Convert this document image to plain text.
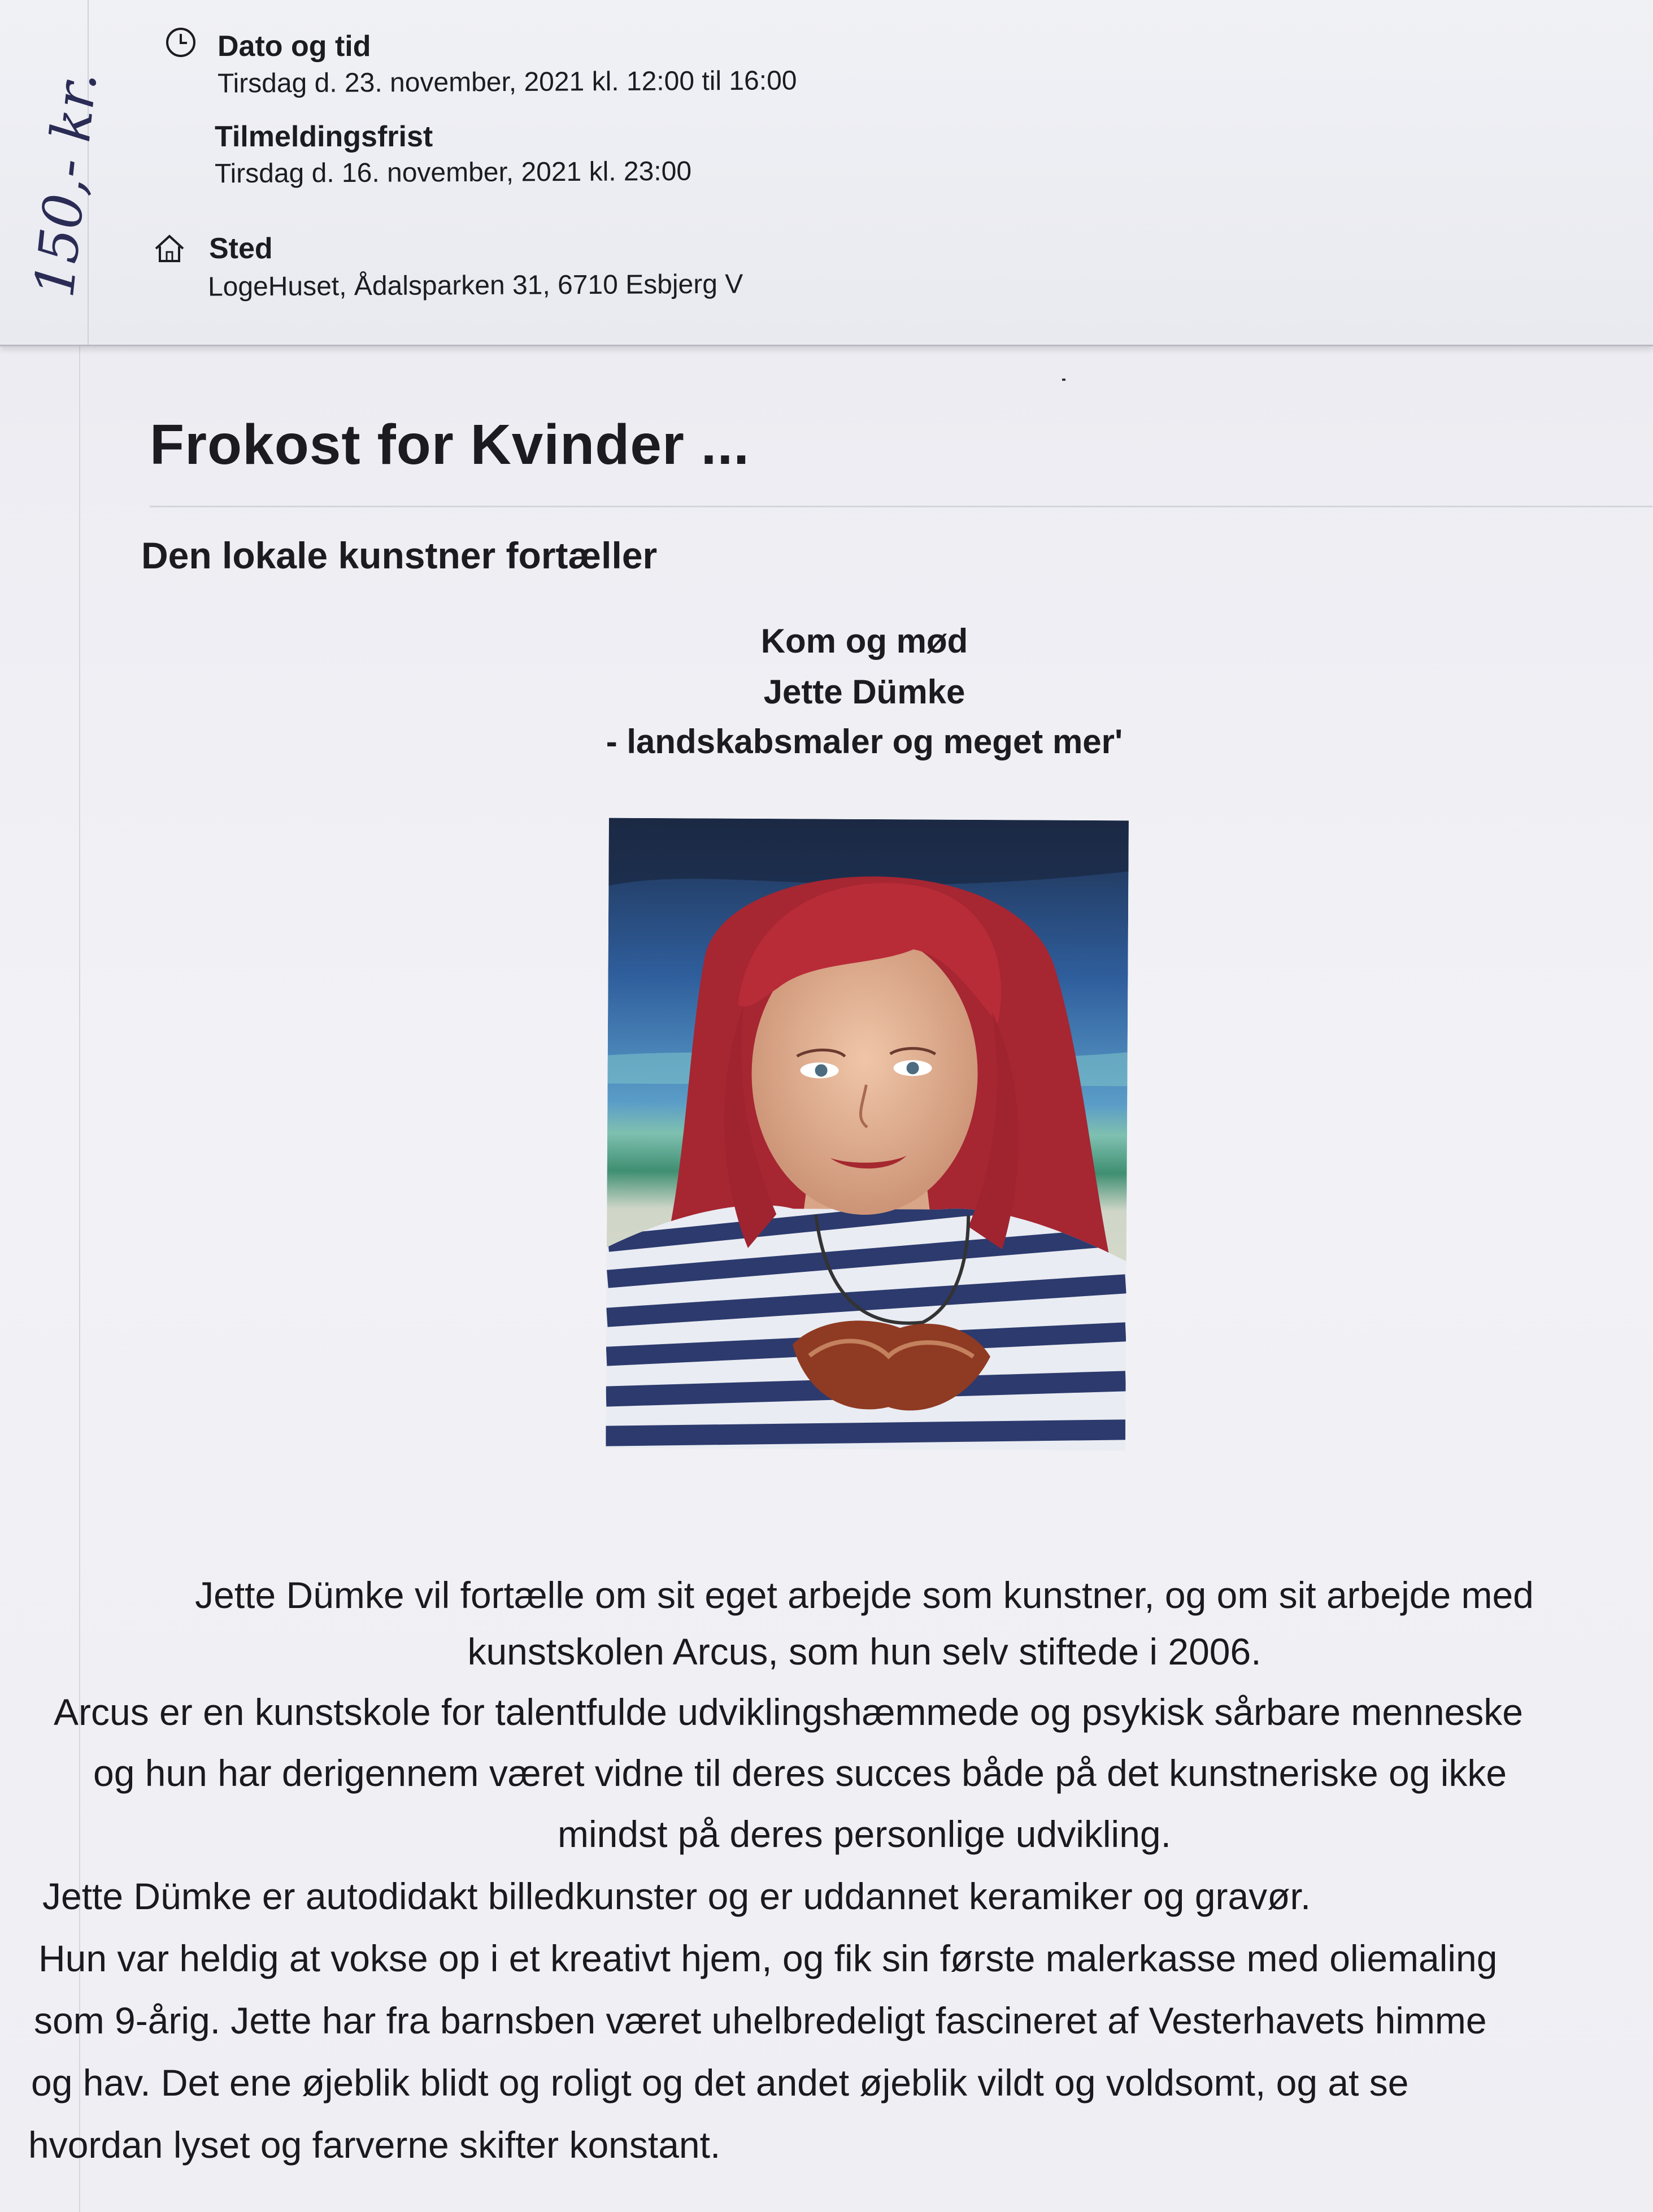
150,- kr.
Dato og tid
Tirsdag d. 23. november, 2021 kl. 12:00 til 16:00
Tilmeldingsfrist
Tirsdag d. 16. november, 2021 kl. 23:00
Sted
LogeHuset, Ådalsparken 31, 6710 Esbjerg V
Frokost for Kvinder ...
Den lokale kunstner fortæller
Kom og mød
Jette Dümke
- landskabsmaler og meget mer'
Jette Dümke vil fortælle om sit eget arbejde som kunstner, og om sit arbejde med
kunstskolen Arcus, som hun selv stiftede i 2006.
Arcus er en kunstskole for talentfulde udviklingshæmmede og psykisk sårbare menneske
og hun har derigennem været vidne til deres succes både på det kunstneriske og ikke
mindst på deres personlige udvikling.
Jette Dümke er autodidakt billedkunster og er uddannet keramiker og gravør.
Hun var heldig at vokse op i et kreativt hjem, og fik sin første malerkasse med oliemaling
som 9-årig. Jette har fra barnsben været uhelbredeligt fascineret af Vesterhavets himme
og hav. Det ene øjeblik blidt og roligt og det andet øjeblik vildt og voldsomt, og at se
hvordan lyset og farverne skifter konstant.
